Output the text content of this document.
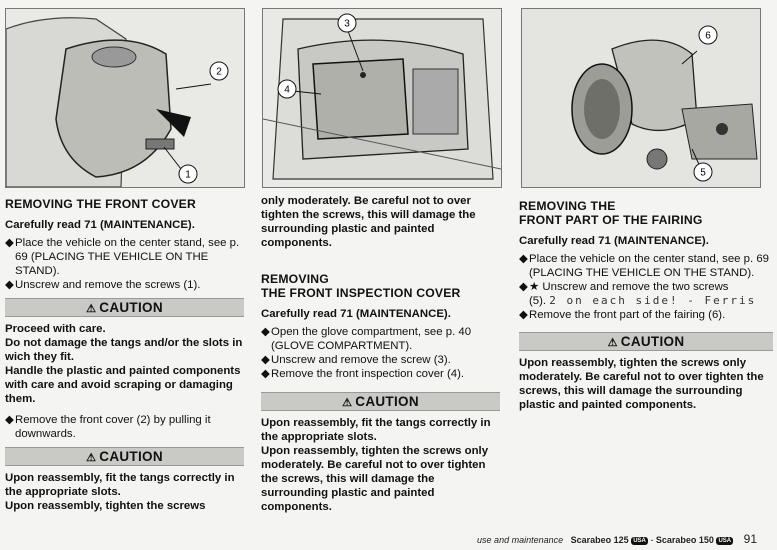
1
2
REMOVING THE FRONT COVER

Carefully read 71 (MAINTENANCE).

◆Place the vehicle on the center stand, see p. 69 (PLACING THE VEHICLE ON THE STAND).

◆Unscrew and remove the screws (1).

⚠ CAUTION

Proceed with care.

Do not damage the tangs and/or the slots in wich they fit.

Handle the plastic and painted components with care and avoid scraping or damaging them.

◆Remove the front cover (2) by pulling it downwards.

⚠ CAUTION

Upon reassembly, fit the tangs correctly in the appropriate slots.

Upon reassembly, tighten the screws

3
4

only moderately. Be careful not to over tighten the screws, this will damage the surrounding plastic and painted components.

REMOVING
THE FRONT INSPECTION COVER

Carefully read 71 (MAINTENANCE).

◆Open the glove compartment, see p. 40 (GLOVE COMPARTMENT).

◆Unscrew and remove the screw (3).

◆Remove the front inspection cover (4).

⚠ CAUTION

Upon reassembly, fit the tangs correctly in the appropriate slots.

Upon reassembly, tighten the screws only moderately. Be careful not to over tighten the screws, this will damage the surrounding plastic and painted components.

6
5
REMOVING THE
FRONT PART OF THE FAIRING

Carefully read 71 (MAINTENANCE).

◆Place the vehicle on the center stand, see p. 69 (PLACING THE VEHICLE ON THE STAND).

◆★ Unscrew and remove the two screws
(5). 2 on each side! - Ferris

◆Remove the front part of the fairing (6).

⚠ CAUTION

Upon reassembly, tighten the screws only moderately. Be careful not to over tighten the screws, this will damage the surrounding plastic and painted components.

use and maintenance Scarabeo 125 USA - Scarabeo 150 USA 91
